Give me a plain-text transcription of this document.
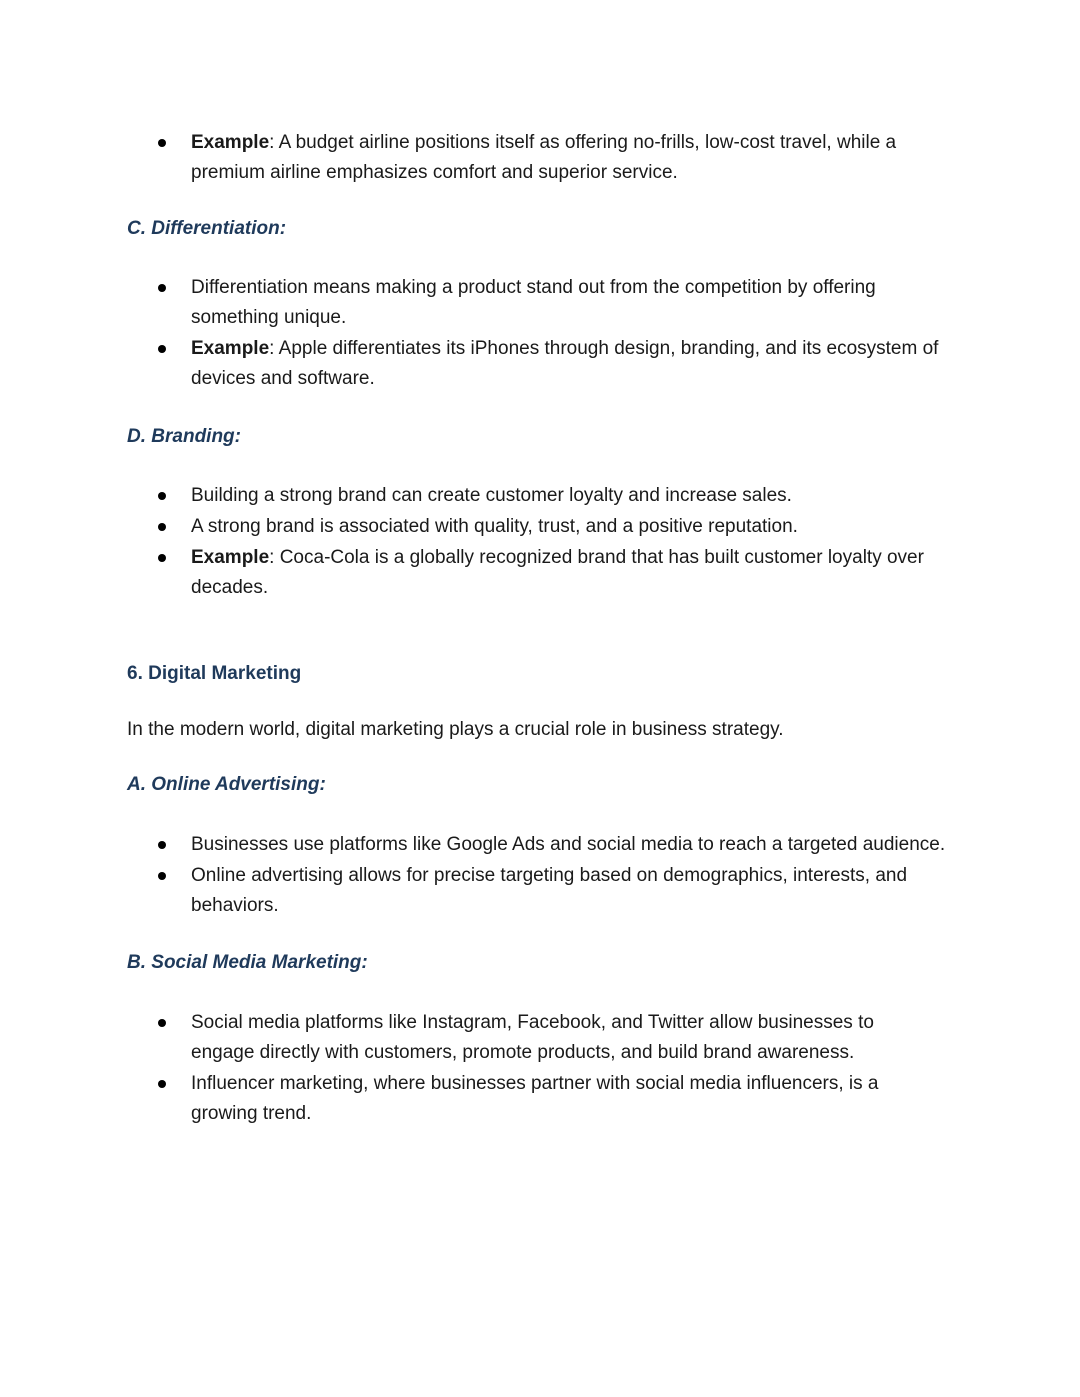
Example: A budget airline positions itself as offering no-frills, low-cost travel, while a premium airline emphasizes comfort and superior service.
C. Differentiation:
Differentiation means making a product stand out from the competition by offering something unique.
Example: Apple differentiates its iPhones through design, branding, and its ecosystem of devices and software.
D. Branding:
Building a strong brand can create customer loyalty and increase sales.
A strong brand is associated with quality, trust, and a positive reputation.
Example: Coca-Cola is a globally recognized brand that has built customer loyalty over decades.
6. Digital Marketing

In the modern world, digital marketing plays a crucial role in business strategy.

A. Online Advertising:
Businesses use platforms like Google Ads and social media to reach a targeted audience.
Online advertising allows for precise targeting based on demographics, interests, and behaviors.
B. Social Media Marketing:
Social media platforms like Instagram, Facebook, and Twitter allow businesses to engage directly with customers, promote products, and build brand awareness.
Influencer marketing, where businesses partner with social media influencers, is a growing trend.
